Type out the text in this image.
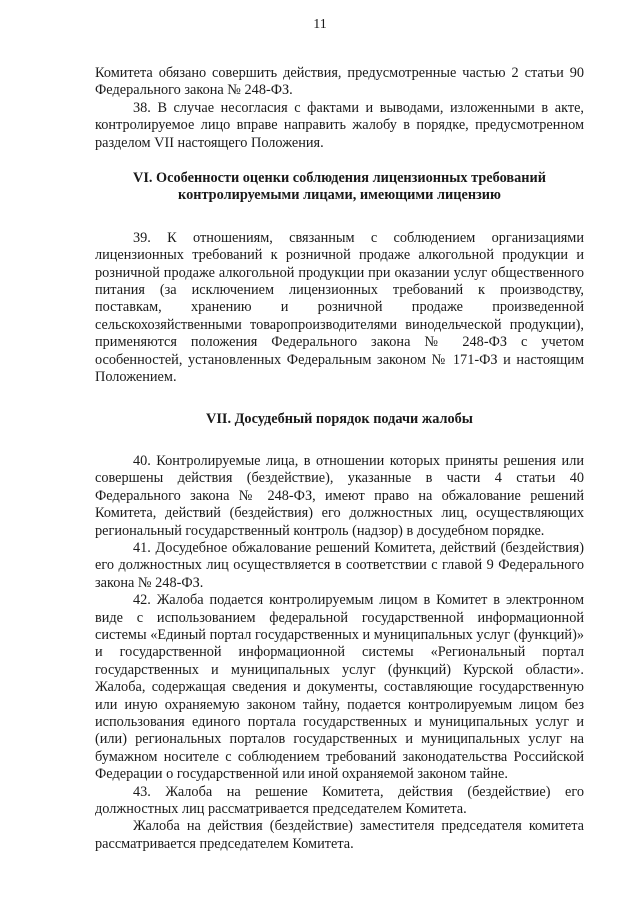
11

Комитета обязано совершить действия, предусмотренные частью 2 статьи 90 Федерального закона № 248-ФЗ.

38. В случае несогласия с фактами и выводами, изложенными в акте, контролируемое лицо вправе направить жалобу в порядке, предусмотренном разделом VII настоящего Положения.

VI. Особенности оценки соблюдения лицензионных требований контролируемыми лицами, имеющими лицензию

39. К отношениям, связанным с соблюдением организациями лицензионных требований к розничной продаже алкогольной продукции и розничной продаже алкогольной продукции при оказании услуг общественного питания (за исключением лицензионных требований к производству, поставкам, хранению и розничной продаже произведенной сельскохозяйственными товаропроизводителями винодельческой продукции), применяются положения Федерального закона № 248-ФЗ с учетом особенностей, установленных Федеральным законом № 171-ФЗ и настоящим Положением.

VII. Досудебный порядок подачи жалобы

40. Контролируемые лица, в отношении которых приняты решения или совершены действия (бездействие), указанные в части 4 статьи 40 Федерального закона № 248-ФЗ, имеют право на обжалование решений Комитета, действий (бездействия) его должностных лиц, осуществляющих региональный государственный контроль (надзор) в досудебном порядке.

41. Досудебное обжалование решений Комитета, действий (бездействия) его должностных лиц осуществляется в соответствии с главой 9 Федерального закона № 248-ФЗ.

42. Жалоба подается контролируемым лицом в Комитет в электронном виде с использованием федеральной государственной информационной системы «Единый портал государственных и муниципальных услуг (функций)» и государственной информационной системы «Региональный портал государственных и муниципальных услуг (функций) Курской области». Жалоба, содержащая сведения и документы, составляющие государственную или иную охраняемую законом тайну, подается контролируемым лицом без использования единого портала государственных и муниципальных услуг и (или) региональных порталов государственных и муниципальных услуг на бумажном носителе с соблюдением требований законодательства Российской Федерации о государственной или иной охраняемой законом тайне.

43. Жалоба на решение Комитета, действия (бездействие) его должностных лиц рассматривается председателем Комитета.

Жалоба на действия (бездействие) заместителя председателя комитета рассматривается председателем Комитета.
